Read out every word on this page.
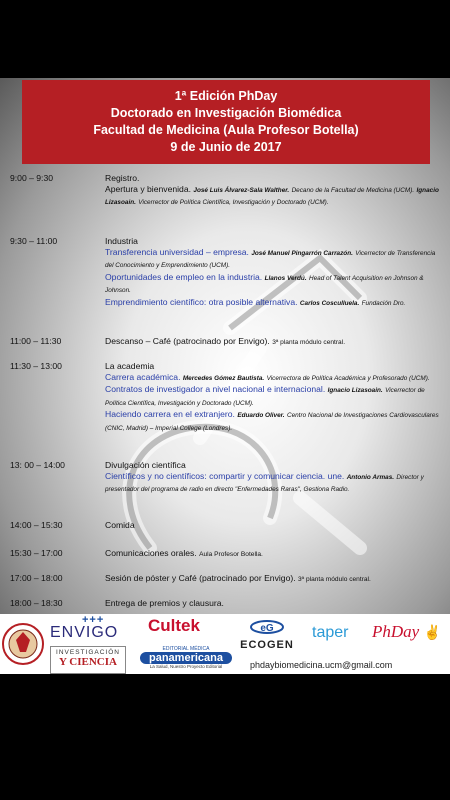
1ª Edición PhDay
Doctorado en Investigación Biomédica
Facultad de Medicina (Aula Profesor Botella)
9 de Junio de 2017
9:00 – 9:30	Registro.
Apertura y bienvenida. José Luis Álvarez-Sala Walther. Decano de la Facultad de Medicina (UCM). Ignacio Lizasoain. Vicerrector de Política Científica, Investigación y Doctorado (UCM).
9:30 – 11:00	Industria
Transferencia universidad – empresa. José Manuel Pingarrón Carrazón. Vicerrector de Transferencia del Conocimiento y Emprendimiento (UCM).
Oportunidades de empleo en la industria. Llanos Verdú. Head of Talent Acquisition en Johnson & Johnson.
Emprendimiento científico: otra posible alternativa. Carlos Cosculluela. Fundación Dro.
11:00 – 11:30	Descanso – Café (patrocinado por Envigo). 3ª planta módulo central.
11:30 – 13:00	La academia
Carrera académica. Mercedes Gómez Bautista. Vicerrectora de Política Académica y Profesorado (UCM).
Contratos de investigador a nivel nacional e internacional. Ignacio Lizasoain. Vicerrector de Política Científica, Investigación y Doctorado (UCM).
Haciendo carrera en el extranjero. Eduardo Oliver. Centro Nacional de Investigaciones Cardiovasculares (CNIC, Madrid) – Imperial College (Londres).
13: 00 – 14:00	Divulgación científica
Científicos y no científicos: compartir y comunicar ciencia. une. Antonio Armas. Director y presentador del programa de radio en directo "Enfermedades Raras", Gestiona Radio.
14:00 – 15:30	Comida
15:30 – 17:00	Comunicaciones orales. Aula Profesor Botella.
17:00 – 18:00	Sesión de póster y Café (patrocinado por Envigo). 3ª planta módulo central.
18:00 – 18:30	Entrega de premios y clausura.
+++
ENVIGO
INVESTIGACIÓN
Y CIENCIA
Cultek
EDITORIAL MÉDICA
panamericana
La Salud, Nuestro Proyecto Editorial
eG
ECOGEN
taper	PhDay ✌
phdaybiomedicina.ucm@gmail.com
